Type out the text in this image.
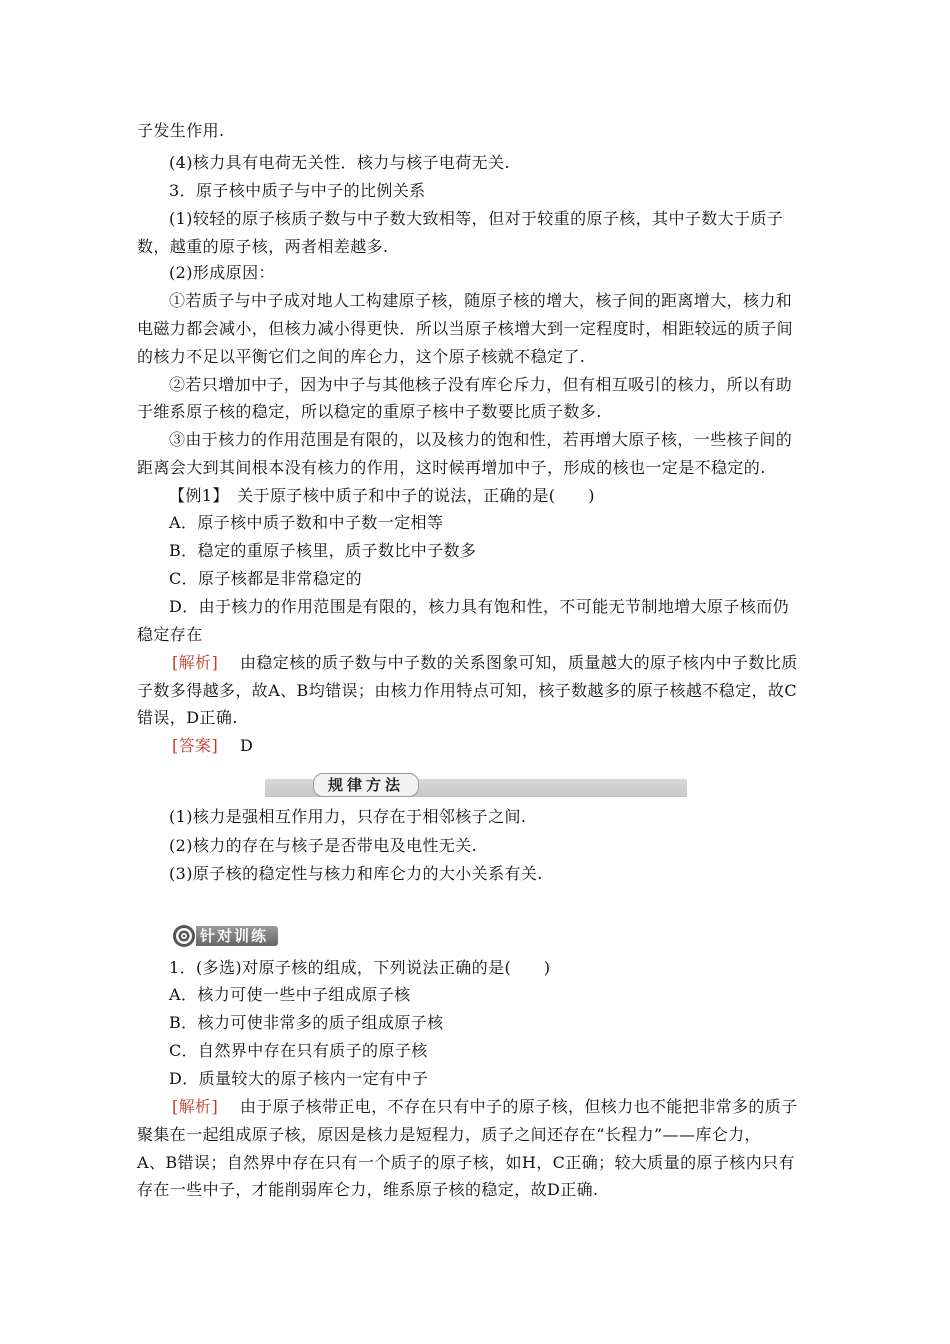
子发生作用.
(4)核力具有电荷无关性．核力与核子电荷无关.
3．原子核中质子与中子的比例关系
(1)较轻的原子核质子数与中子数大致相等，但对于较重的原子核，其中子数大于质子
数，越重的原子核，两者相差越多.
(2)形成原因：
①若质子与中子成对地人工构建原子核，随原子核的增大，核子间的距离增大，核力和
电磁力都会减小，但核力减小得更快．所以当原子核增大到一定程度时，相距较远的质子间
的核力不足以平衡它们之间的库仑力，这个原子核就不稳定了.
②若只增加中子，因为中子与其他核子没有库仑斥力，但有相互吸引的核力，所以有助
于维系原子核的稳定，所以稳定的重原子核中子数要比质子数多.
③由于核力的作用范围是有限的，以及核力的饱和性，若再增大原子核，一些核子间的
距离会大到其间根本没有核力的作用，这时候再增加中子，形成的核也一定是不稳定的.
【例1】　关于原子核中质子和中子的说法，正确的是(　　)
A．原子核中质子数和中子数一定相等
B．稳定的重原子核里，质子数比中子数多
C．原子核都是非常稳定的
D．由于核力的作用范围是有限的，核力具有饱和性，不可能无节制地增大原子核而仍
稳定存在
[解析] 由稳定核的质子数与中子数的关系图象可知，质量越大的原子核内中子数比质
子数多得越多，故A、B均错误；由核力作用特点可知，核子数越多的原子核越不稳定，故C
错误，D正确.
[答案] D
规律方法
(1)核力是强相互作用力，只存在于相邻核子之间.
(2)核力的存在与核子是否带电及电性无关.
(3)原子核的稳定性与核力和库仑力的大小关系有关.
针对训练
1．(多选)对原子核的组成，下列说法正确的是(　　)
A．核力可使一些中子组成原子核
B．核力可使非常多的质子组成原子核
C．自然界中存在只有质子的原子核
D．质量较大的原子核内一定有中子
[解析] 由于原子核带正电，不存在只有中子的原子核，但核力也不能把非常多的质子
聚集在一起组成原子核，原因是核力是短程力，质子之间还存在“长程力”——库仑力，
A、B错误；自然界中存在只有一个质子的原子核，如H，C正确；较大质量的原子核内只有
存在一些中子，才能削弱库仑力，维系原子核的稳定，故D正确.
